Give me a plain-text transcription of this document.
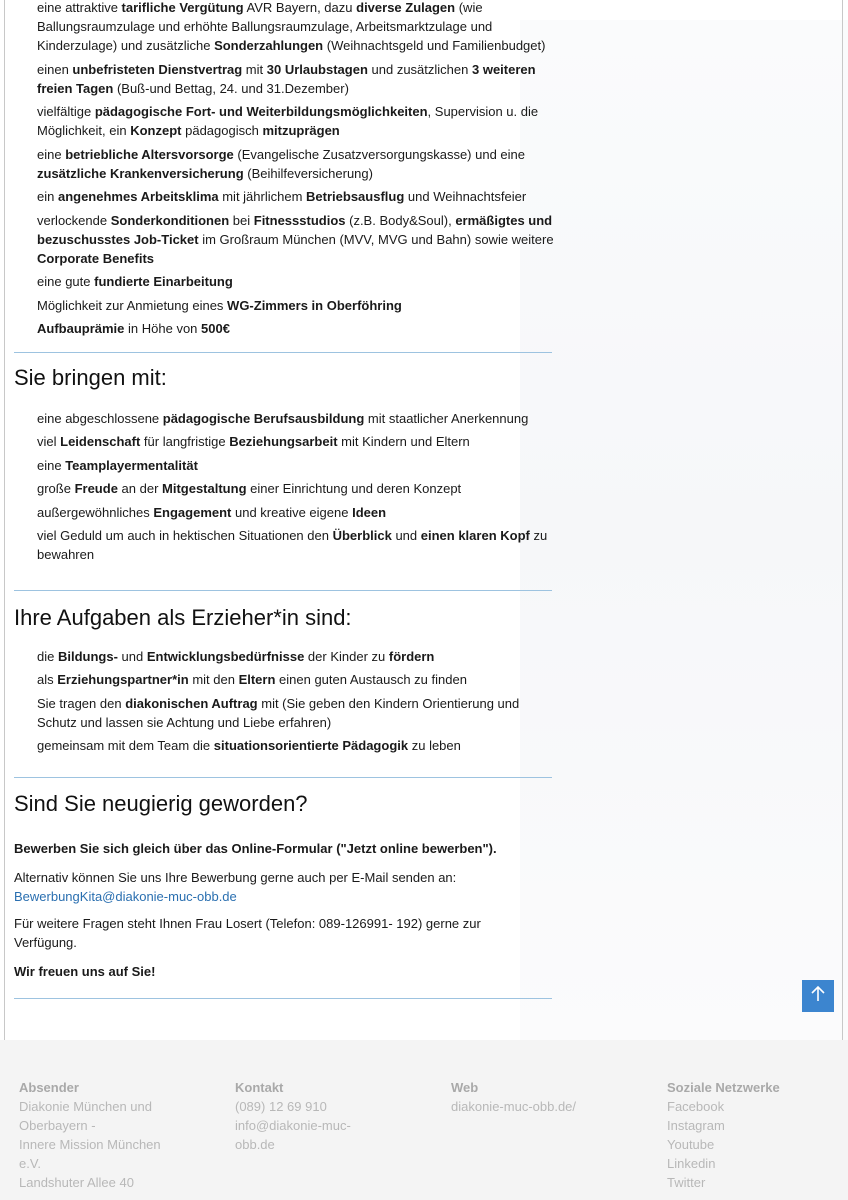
eine attraktive tarifliche Vergütung AVR Bayern, dazu diverse Zulagen (wie Ballungsraumzulage und erhöhte Ballungsraumzulage, Arbeitsmarktzulage und Kinderzulage) und zusätzliche Sonderzahlungen (Weihnachtsgeld und Familienbudget)
einen unbefristeten Dienstvertrag mit 30 Urlaubstagen und zusätzlichen 3 weiteren freien Tagen (Buß-und Bettag, 24. und 31.Dezember)
vielfältige pädagogische Fort- und Weiterbildungsmöglichkeiten, Supervision u. die Möglichkeit, ein Konzept pädagogisch mitzuprägen
eine betriebliche Altersvorsorge (Evangelische Zusatzversorgungskasse) und eine zusätzliche Krankenversicherung (Beihilfeversicherung)
ein angenehmes Arbeitsklima mit jährlichem Betriebsausflug und Weihnachtsfeier
verlockende Sonderkonditionen bei Fitnessstudios (z.B. Body&Soul), ermäßigtes und bezuschusstes Job-Ticket im Großraum München (MVV, MVG und Bahn) sowie weitere Corporate Benefits
eine gute fundierte Einarbeitung
Möglichkeit zur Anmietung eines WG-Zimmers in Oberföhring
Aufbauprämie in Höhe von 500€
Sie bringen mit:
eine abgeschlossene pädagogische Berufsausbildung mit staatlicher Anerkennung
viel Leidenschaft für langfristige Beziehungsarbeit mit Kindern und Eltern
eine Teamplayermentalität
große Freude an der Mitgestaltung einer Einrichtung und deren Konzept
außergewöhnliches Engagement und kreative eigene Ideen
viel Geduld um auch in hektischen Situationen den Überblick und einen klaren Kopf zu bewahren
Ihre Aufgaben als Erzieher*in sind:
die Bildungs- und Entwicklungsbedürfnisse der Kinder zu fördern
als Erziehungspartner*in mit den Eltern einen guten Austausch zu finden
Sie tragen den diakonischen Auftrag mit (Sie geben den Kindern Orientierung und Schutz und lassen sie Achtung und Liebe erfahren)
gemeinsam mit dem Team die situationsorientierte Pädagogik zu leben
Sind Sie neugierig geworden?

Bewerben Sie sich gleich über das Online-Formular ("Jetzt online bewerben").

Alternativ können Sie uns Ihre Bewerbung gerne auch per E-Mail senden an: BewerbungKita@diakonie-muc-obb.de

Für weitere Fragen steht Ihnen Frau Losert (Telefon: 089-126991- 192) gerne zur Verfügung.

Wir freuen uns auf Sie!

Absender
Diakonie München und
Oberbayern -
Innere Mission München
e.V.
Landshuter Allee 40
Kontakt
(089) 12 69 910
info@diakonie-muc-
obb.de
Web
diakonie-muc-obb.de/
Soziale Netzwerke
Facebook
Instagram
Youtube
Linkedin
Twitter
